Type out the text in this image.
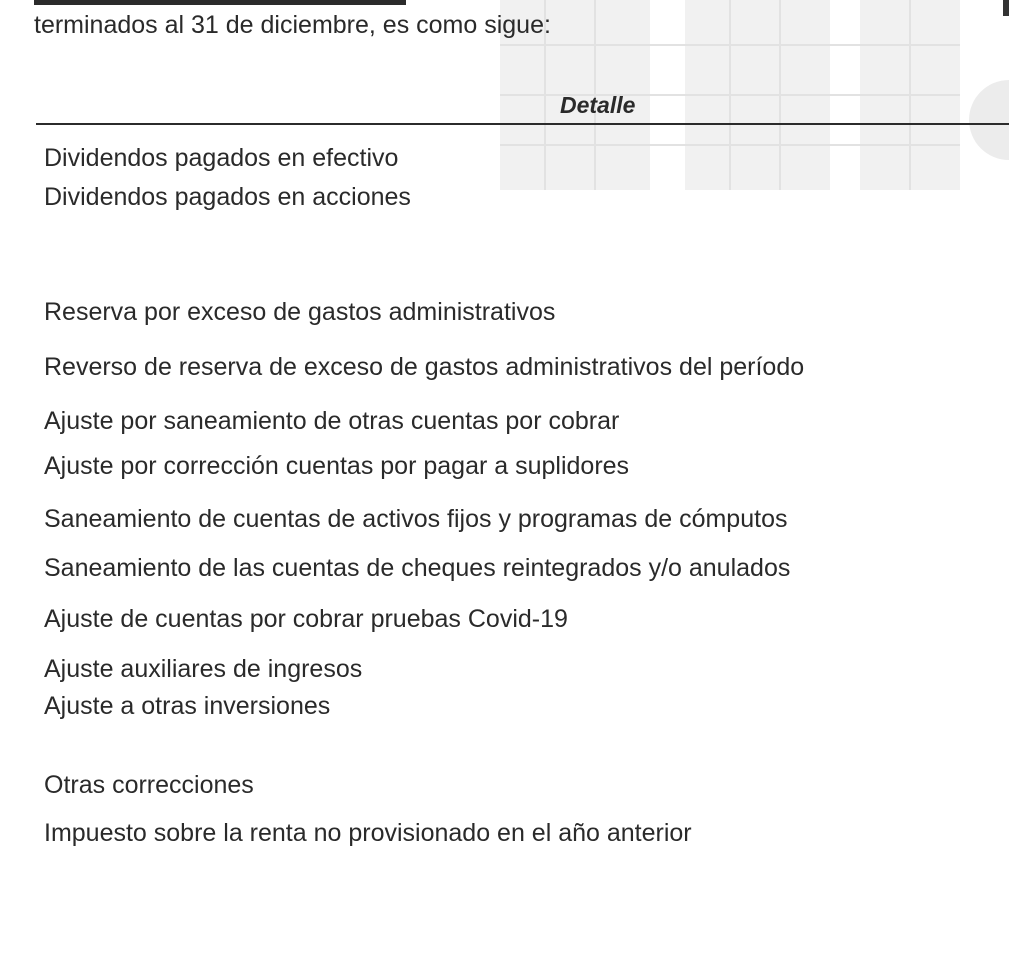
terminados al 31 de diciembre, es como sigue:
Detalle
Dividendos pagados en efectivo
Dividendos pagados en acciones
Reserva por exceso de gastos administrativos
Reverso de reserva de exceso de gastos administrativos del período
Ajuste por saneamiento de otras cuentas por cobrar
Ajuste por corrección cuentas por pagar a suplidores
Saneamiento de cuentas de activos fijos y programas de cómputos
Saneamiento de las cuentas de cheques reintegrados y/o anulados
Ajuste de cuentas por cobrar pruebas Covid-19
Ajuste auxiliares de ingresos
Ajuste a otras inversiones
Otras correcciones
Impuesto sobre la renta no provisionado en el año anterior
